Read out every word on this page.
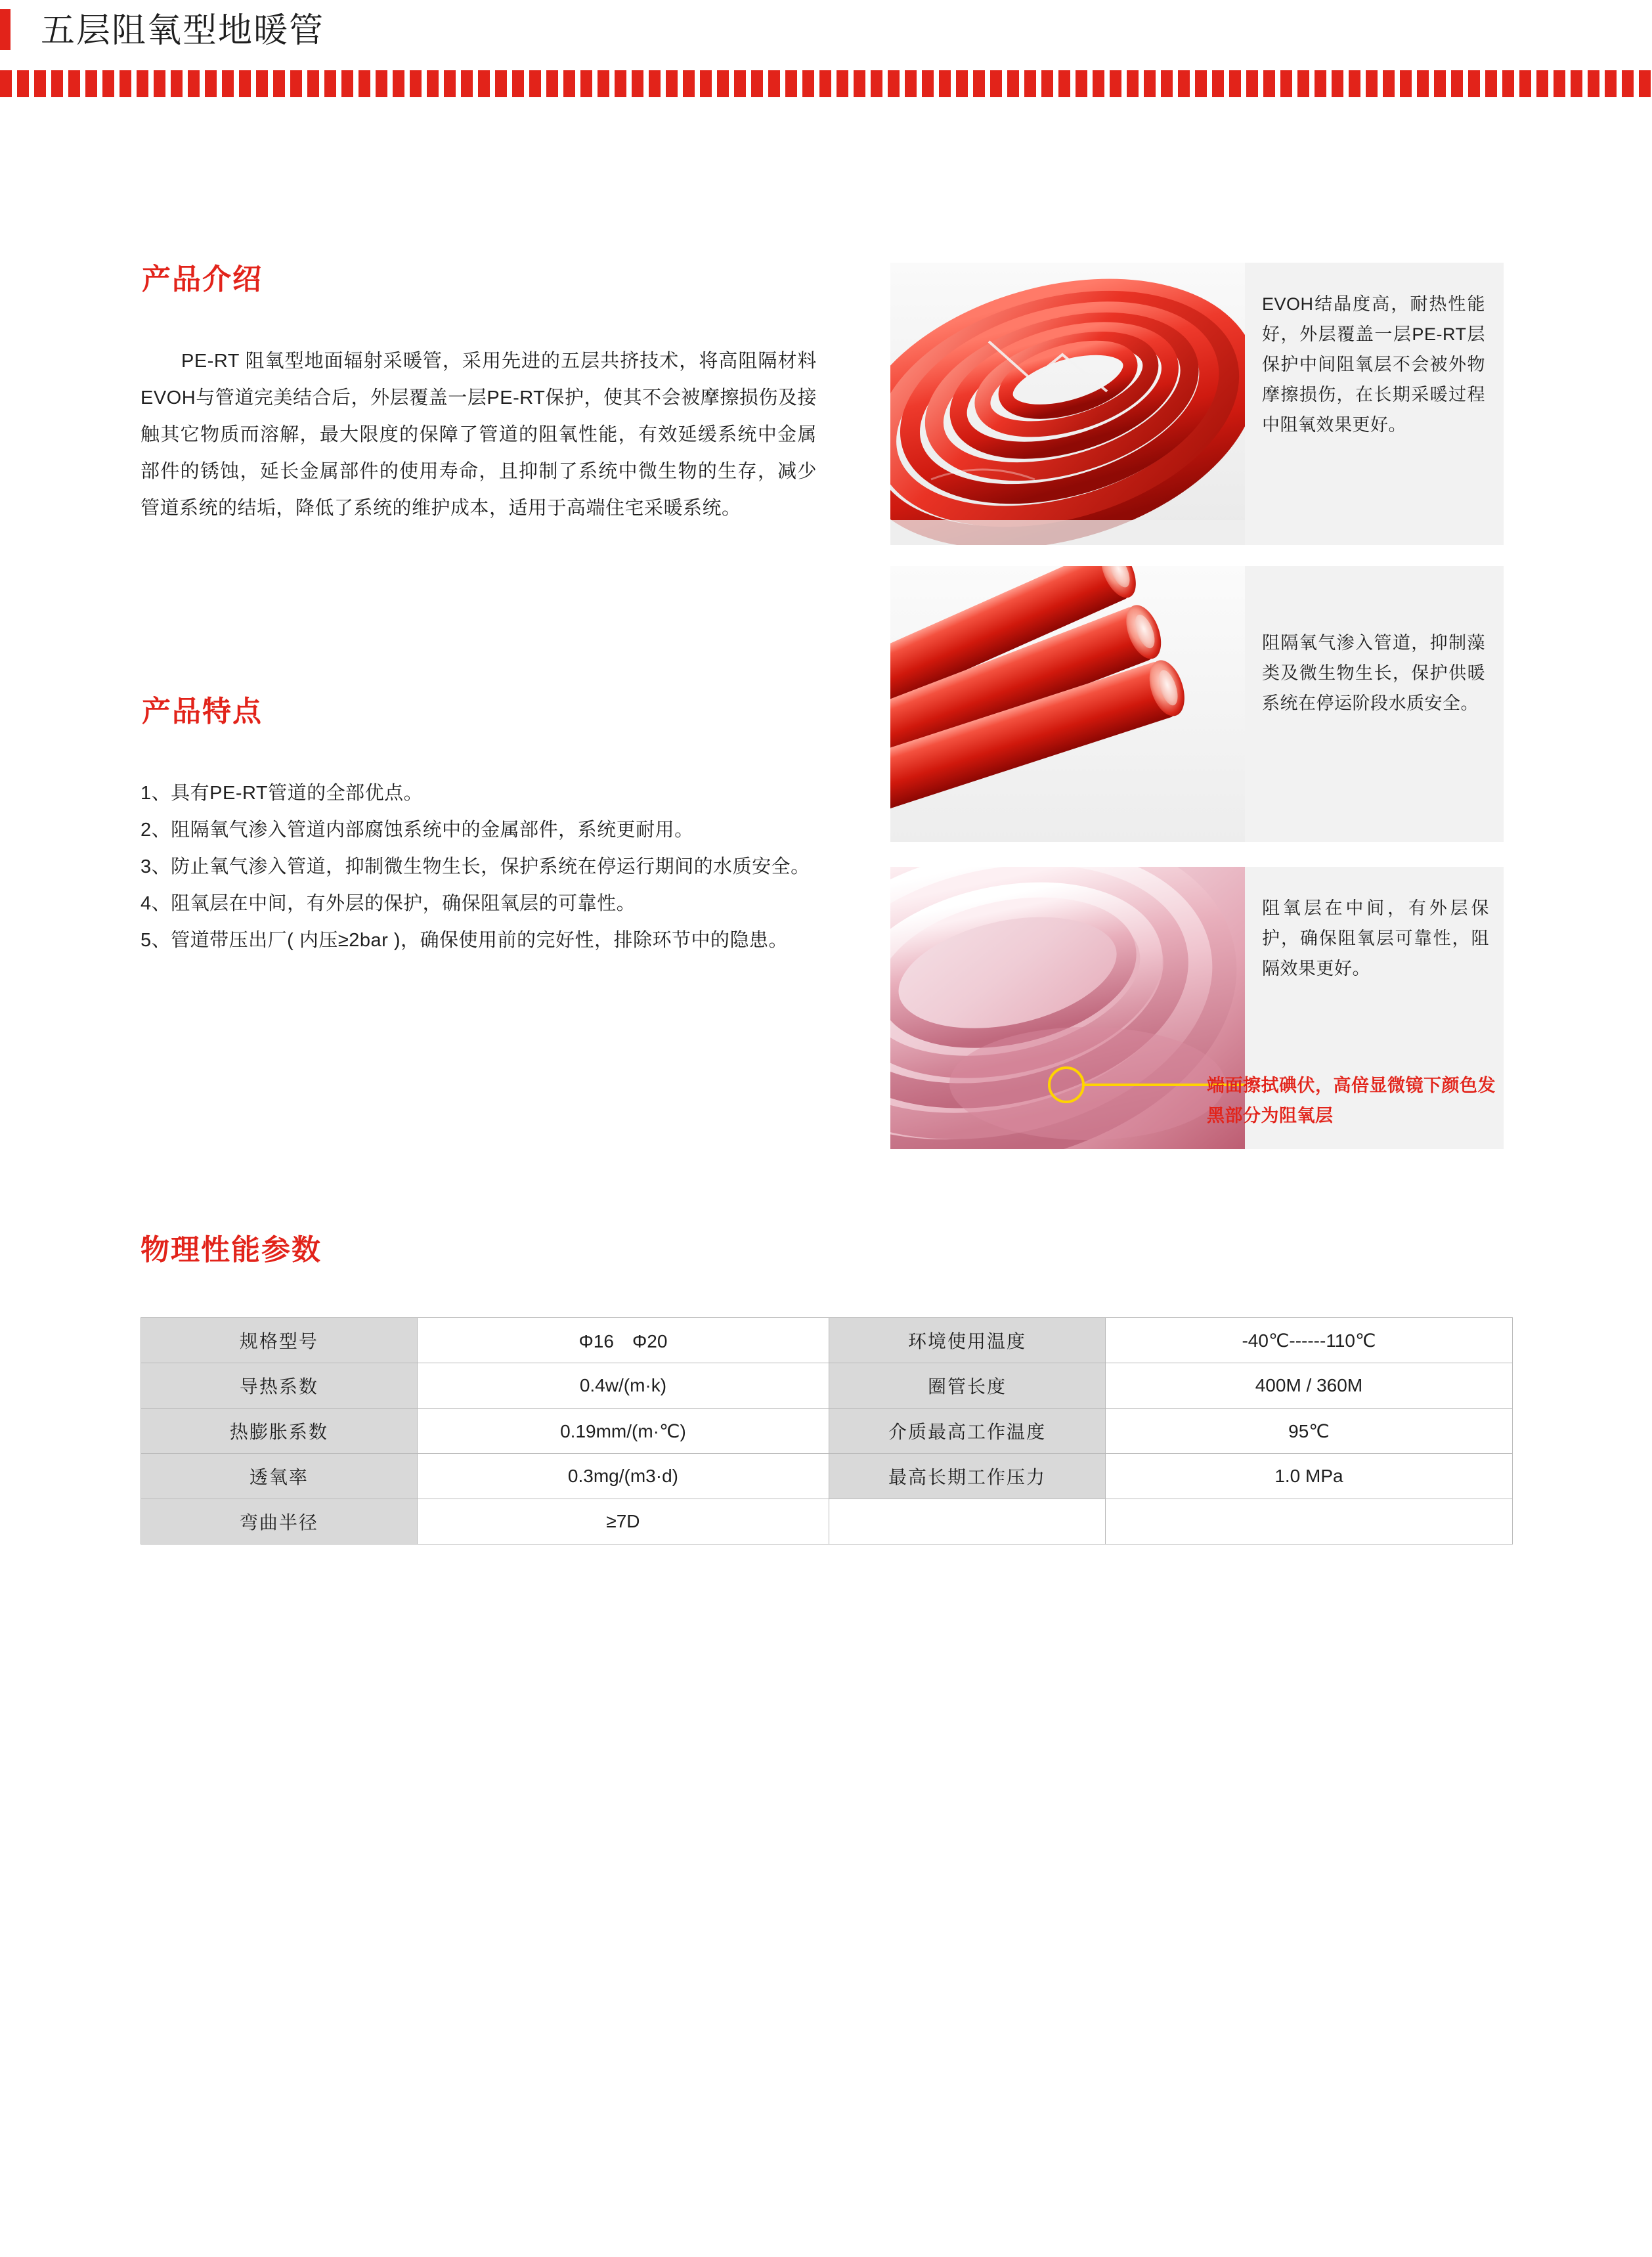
五层阻氧型地暖管
产品介绍
PE-RT 阻氧型地面辐射采暖管，采用先进的五层共挤技术，将高阻隔材料EVOH与管道完美结合后，外层覆盖一层PE-RT保护，使其不会被摩擦损伤及接触其它物质而溶解，最大限度的保障了管道的阻氧性能，有效延缓系统中金属部件的锈蚀，延长金属部件的使用寿命，且抑制了系统中微生物的生存，减少管道系统的结垢，降低了系统的维护成本，适用于高端住宅采暖系统。
产品特点

1、具有PE-RT管道的全部优点。

2、阻隔氧气渗入管道内部腐蚀系统中的金属部件，系统更耐用。

3、防止氧气渗入管道，抑制微生物生长，保护系统在停运行期间的水质安全。

4、阻氧层在中间，有外层的保护，确保阻氧层的可靠性。

5、管道带压出厂( 内压≥2bar )，确保使用前的完好性，排除环节中的隐患。

EVOH结晶度高，耐热性能好，外层覆盖一层PE-RT层保护中间阻氧层不会被外物摩擦损伤，在长期采暖过程中阻氧效果更好。
阻隔氧气渗入管道，抑制藻类及微生物生长，保护供暖系统在停运阶段水质安全。
阻氧层在中间，有外层保护，确保阻氧层可靠性，阻隔效果更好。
端面擦拭碘伏，高倍显微镜下颜色发黑部分为阻氧层
物理性能参数
规格型号	Φ16　Φ20	环境使用温度	-40℃------110℃
导热系数	0.4w/(m·k)	圈管长度	400M / 360M
热膨胀系数	0.19mm/(m·℃)	介质最高工作温度	95℃
透氧率	0.3mg/(m3·d)	最高长期工作压力	1.0 MPa
弯曲半径	≥7D		
